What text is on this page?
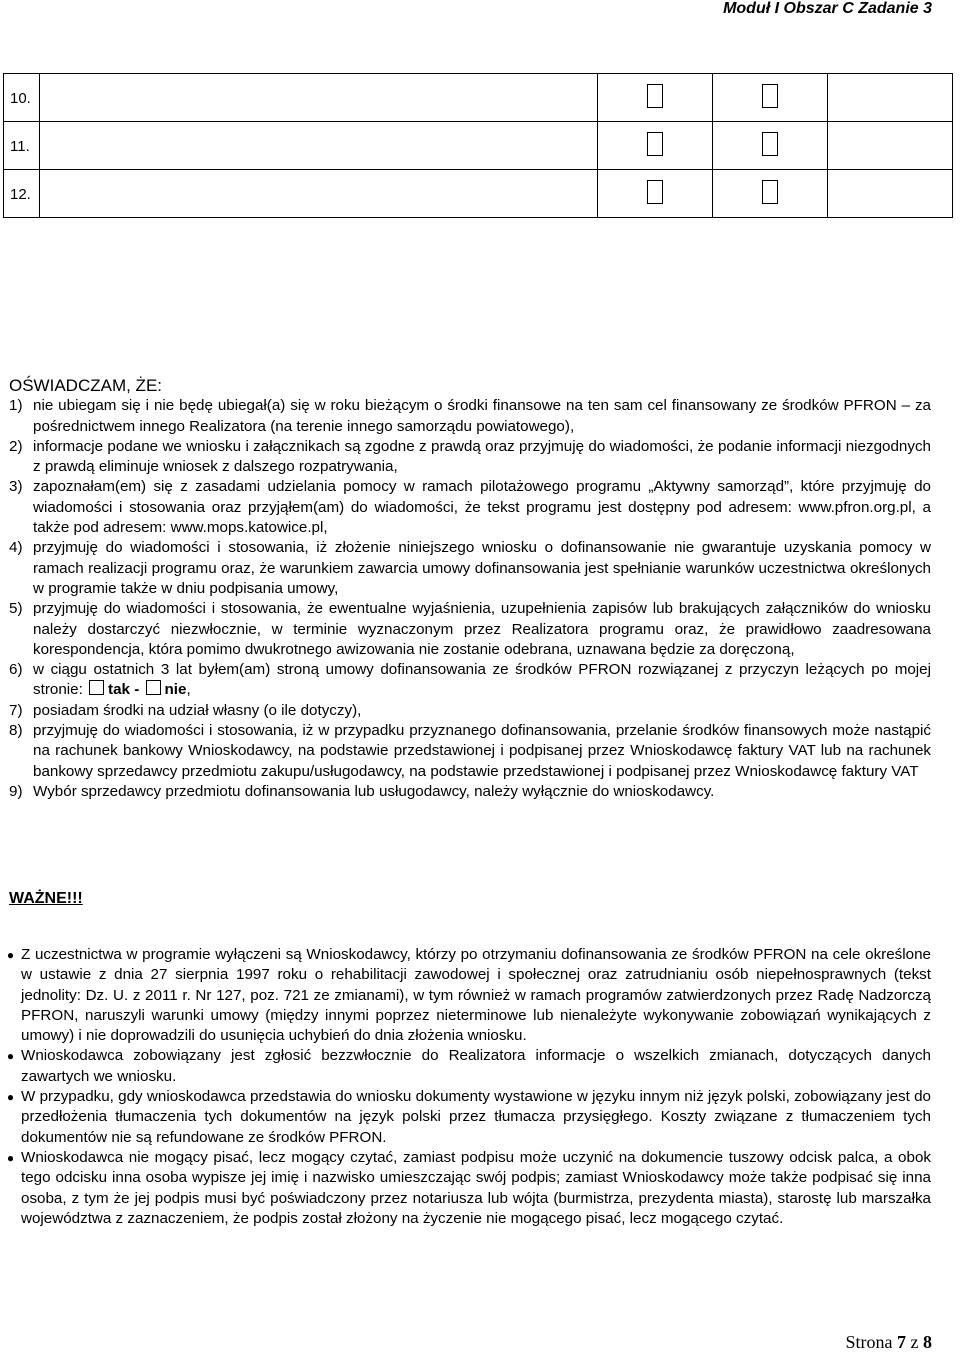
Moduł I Obszar C Zadanie 3
10.				
11.				
12.				
OŚWIADCZAM, ŻE:
1) nie ubiegam się i nie będę ubiegał(a) się w roku bieżącym o środki finansowe na ten sam cel finansowany ze środków PFRON – za pośrednictwem innego Realizatora (na terenie innego samorządu powiatowego),
2) informacje podane we wniosku i załącznikach są zgodne z prawdą oraz przyjmuję do wiadomości, że podanie informacji niezgodnych z prawdą eliminuje wniosek z dalszego rozpatrywania,
3) zapoznałam(em) się z zasadami udzielania pomocy w ramach pilotażowego programu „Aktywny samorząd”, które przyjmuję do wiadomości i stosowania oraz przyjąłem(am) do wiadomości, że tekst programu jest dostępny pod adresem: www.pfron.org.pl, a także pod adresem: www.mops.katowice.pl,
4) przyjmuję do wiadomości i stosowania, iż złożenie niniejszego wniosku o dofinansowanie nie gwarantuje uzyskania pomocy w ramach realizacji programu oraz, że warunkiem zawarcia umowy dofinansowania jest spełnianie warunków uczestnictwa określonych w programie także w dniu podpisania umowy,
5) przyjmuję do wiadomości i stosowania, że ewentualne wyjaśnienia, uzupełnienia zapisów lub brakujących załączników do wniosku należy dostarczyć niezwłocznie, w terminie wyznaczonym przez Realizatora programu oraz, że prawidłowo zaadresowana korespondencja, która pomimo dwukrotnego awizowania nie zostanie odebrana, uznawana będzie za doręczoną,
6) w ciągu ostatnich 3 lat byłem(am) stroną umowy dofinansowania ze środków PFRON rozwiązanej z przyczyn leżących po mojej stronie: tak - nie,
7) posiadam środki na udział własny (o ile dotyczy),
8) przyjmuję do wiadomości i stosowania, iż w przypadku przyznanego dofinansowania, przelanie środków finansowych może nastąpić na rachunek bankowy Wnioskodawcy, na podstawie przedstawionej i podpisanej przez Wnioskodawcę faktury VAT lub na rachunek bankowy sprzedawcy przedmiotu zakupu/usługodawcy, na podstawie przedstawionej i podpisanej przez Wnioskodawcę faktury VAT
9) Wybór sprzedawcy przedmiotu dofinansowania lub usługodawcy, należy wyłącznie do wnioskodawcy.
WAŻNE!!!
● Z uczestnictwa w programie wyłączeni są Wnioskodawcy, którzy po otrzymaniu dofinansowania ze środków PFRON na cele określone w ustawie z dnia 27 sierpnia 1997 roku o rehabilitacji zawodowej i społecznej oraz zatrudnianiu osób niepełnosprawnych (tekst jednolity: Dz. U. z 2011 r. Nr 127, poz. 721 ze zmianami), w tym również w ramach programów zatwierdzonych przez Radę Nadzorczą PFRON, naruszyli warunki umowy (między innymi poprzez nieterminowe lub nienależyte wykonywanie zobowiązań wynikających z umowy) i nie doprowadzili do usunięcia uchybień do dnia złożenia wniosku.
● Wnioskodawca zobowiązany jest zgłosić bezzwłocznie do Realizatora informacje o wszelkich zmianach, dotyczących danych zawartych we wniosku.
● W przypadku, gdy wnioskodawca przedstawia do wniosku dokumenty wystawione w języku innym niż język polski, zobowiązany jest do przedłożenia tłumaczenia tych dokumentów na język polski przez tłumacza przysięgłego. Koszty związane z tłumaczeniem tych dokumentów nie są refundowane ze środków PFRON.
● Wnioskodawca nie mogący pisać, lecz mogący czytać, zamiast podpisu może uczynić na dokumencie tuszowy odcisk palca, a obok tego odcisku inna osoba wypisze jej imię i nazwisko umieszczając swój podpis; zamiast Wnioskodawcy może także podpisać się inna osoba, z tym że jej podpis musi być poświadczony przez notariusza lub wójta (burmistrza, prezydenta miasta), starostę lub marszałka województwa z zaznaczeniem, że podpis został złożony na życzenie nie mogącego pisać, lecz mogącego czytać.
Strona 7 z 8
